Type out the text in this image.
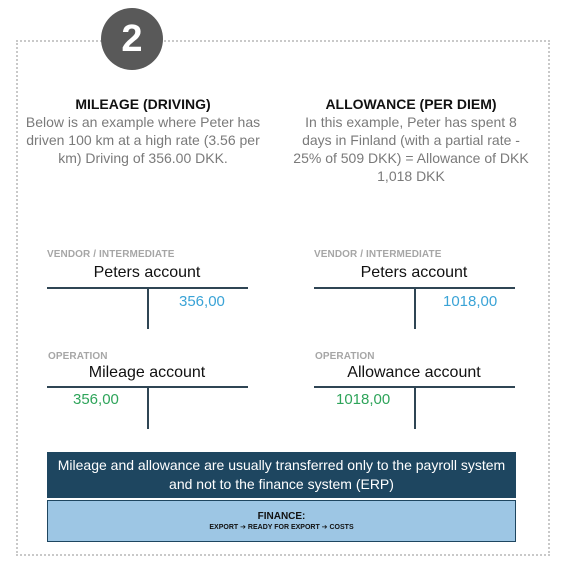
2
MILEAGE (DRIVING)
Below is an example where Peter has driven 100 km at a high rate (3.56 per km) Driving of 356.00 DKK.
ALLOWANCE (PER DIEM)
In this example, Peter has spent 8 days in Finland (with a partial rate - 25% of 509 DKK) = Allowance of DKK 1,018 DKK
VENDOR / INTERMEDIATE
Peters account
356,00
VENDOR / INTERMEDIATE
Peters account
1018,00
OPERATION
Mileage account
356,00
OPERATION
Allowance account
1018,00
Mileage and allowance are usually transferred only to the payroll system and not to the finance system (ERP)
FINANCE:
EXPORT ➔ READY FOR EXPORT ➔ COSTS
